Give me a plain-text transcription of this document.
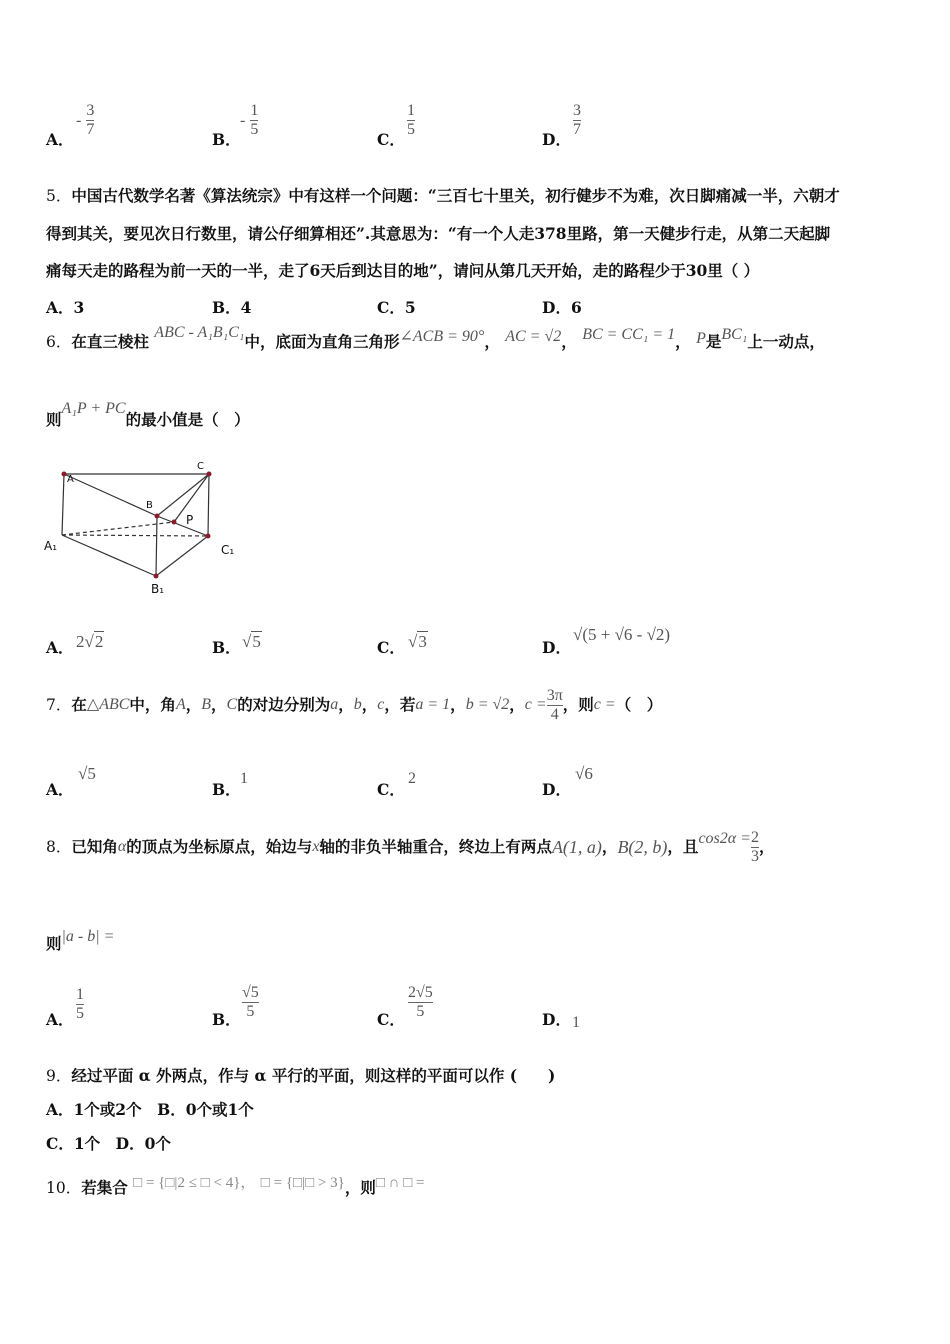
A．
- $\frac{3}{7}$
B．
- $\frac{1}{5}$
C．
$\frac{1}{5}$
D．
$\frac{3}{7}$
5．中国古代数学名著《算法统宗》中有这样一个问题：“三百七十里关，初行健步不为难，次日脚痛减一半，六朝才
得到其关，要见次日行数里，请公仔细算相还”.其意思为：“有一个人走378里路，第一天健步行走，从第二天起脚
痛每天走的路程为前一天的一半，走了6天后到达目的地”，请问从第几天开始，走的路程少于30里（ ）
A．3	B．4	C．5	D．6
6．在直三棱柱 ABC - A₁B₁C₁中，底面为直角三角形∠ACB = 90°， AC = √2， BC = CC₁ = 1， P是BC₁上一动点，
则A₁P + PC的最小值是（　）
A
B
C
P
A₁	C₁
B₁
A． 2√2	B． √5	C． √3	D．
√(5 + √6 - √2)
7． 在 △ABC 中，角 A ， B ， C 的对边分别为 a ， b ， c ，若 a = 1 ， b = √2 ， $c = \frac{3\pi}{4}$ ，则 c = （　）
A．
√5
B．
1
C．
2
D．
√6
8． 已知角 α 的顶点为坐标原点，始边与 x 轴的非负半轴重合，终边上有两点 A(1, a) ， B(2, b) ，且 $\cos 2\alpha = \frac{2}{3}$ ，
则|a - b| =
A． $\frac{1}{5}$	B． $\frac{√5}{5}$	C． $\frac{2√5}{5}$	D． 1
9．经过平面 α 外两点，作与 α 平行的平面，则这样的平面可以作 (　　)
A．1个或2个　B．0个或1个
C．1个　D．0个
10．若集合 □ = {□|2 ≤ □ < 4}， □ = {□|□ > 3}，则□ ∩ □ =
